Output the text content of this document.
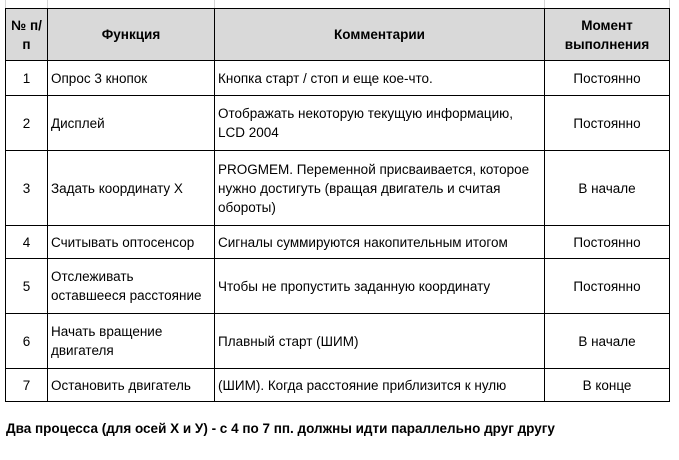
№ п/п	Функция	Комментарии	Момент выполнения
1	Опрос 3 кнопок	Кнопка старт / стоп и еще кое-что.	Постоянно
2	Дисплей	Отображать некоторую текущую информацию, LCD 2004	Постоянно
3	Задать координату Х	PROGMEM. Переменной присваивается, которое нужно достигуть (вращая двигатель и считая обороты)	В начале
4	Считывать оптосенсор	Сигналы суммируются накопительным итогом	Постоянно
5	Отслеживать оставшееся расстояние	Чтобы не пропустить заданную координату	Постоянно
6	Начать вращение двигателя	Плавный старт (ШИМ)	В начале
7	Остановить двигатель	(ШИМ). Когда расстояние приблизится к нулю	В конце
Два процесса (для осей Х и У) - с 4 по 7 пп. должны идти параллельно друг другу
